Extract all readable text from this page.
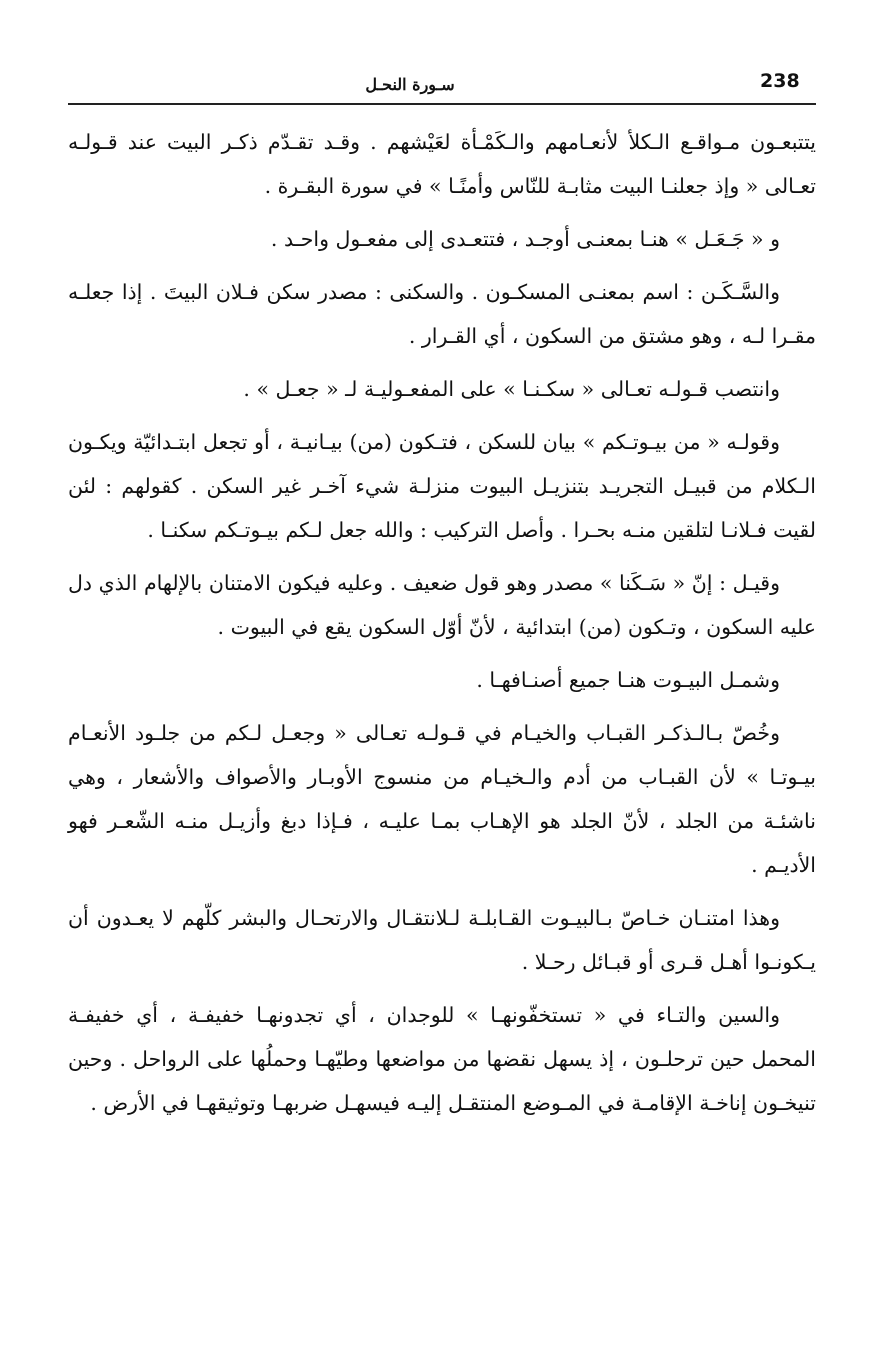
238
سـورة النحـل

يتتبعـون مـواقـع الـكلأ لأنعـامهم والـكَمْـأة لعَيْشهم . وقـد تقـدّم ذكـر البيت عند قـولـه تعـالى « وإذ جعلنـا البيت مثابـة للنّاس وأمنًـا » في سورة البقـرة .

و « جَـعَـل » هنـا بمعنـى أوجـد ، فتتعـدى إلى مفعـول واحـد .

والسَّـكَـن : اسم بمعنـى المسكـون . والسكنى : مصدر سكن فـلان البيتَ . إذا جعلـه مقـرا لـه ، وهو مشتق من السكون ، أي القـرار .

وانتصب قـولـه تعـالى « سكـنـا » على المفعـوليـة لـ « جعـل » .

وقولـه « من بيـوتـكم » بيان للسكن ، فتـكون (من) بيـانيـة ، أو تجعل ابتـدائيّة ويكـون الـكلام من قبيـل التجريـد بتنزيـل البيوت منزلـة شيء آخـر غير السكن . كقولهم : لئن لقيت فـلانـا لتلقين منـه بحـرا . وأصل التركيب : والله جعل لـكم بيـوتـكم سكنـا .

وقيـل : إنّ « سَـكَنا » مصدر وهو قول ضعيف . وعليه فيكون الامتنان بالإلهام الذي دل عليه السكون ، وتـكون (من) ابتدائية ، لأنّ أوّل السكون يقع في البيوت .

وشمـل البيـوت هنـا جميع أصنـافهـا .

وخُصّ بـالـذكـر القبـاب والخيـام في قـولـه تعـالى « وجعـل لـكم من جلـود الأنعـام بيـوتـا » لأن القبـاب من أدم والـخيـام من منسوج الأوبـار والأصواف والأشعار ، وهي ناشئـة من الجلد ، لأنّ الجلد هو الإهـاب بمـا عليـه ، فـإذا دبغ وأزيـل منـه الشّعـر فهو الأديـم .

وهذا امتنـان خـاصّ بـالبيـوت القـابلـة لـلانتقـال والارتحـال والبشر كلّهم لا يعـدون أن يـكونـوا أهـل قـرى أو قبـائل رحـلا .

والسين والتـاء في « تستخفّونهـا » للوجدان ، أي تجدونهـا خفيفـة ، أي خفيفـة المحمل حين ترحلـون ، إذ يسهل نقضها من مواضعها وطيّهـا وحملُها على الرواحل . وحين تنيخـون إناخـة الإقامـة في المـوضع المنتقـل إليـه فيسهـل ضربهـا وتوثيقهـا في الأرض .
